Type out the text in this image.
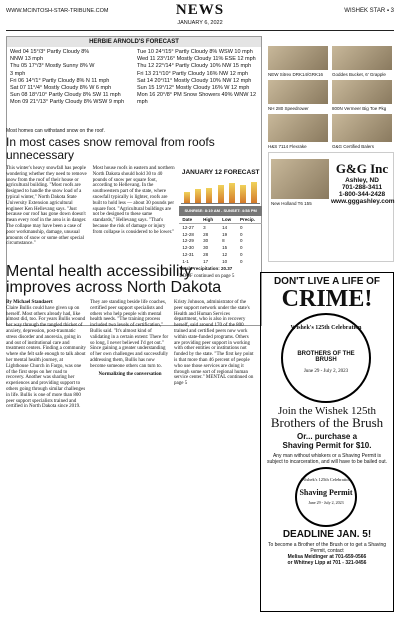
WWW.MCINTOSH-STAR-TRIBUNE.COM	NEWS
JANUARY 6, 2022
WISHEK STAR ▪ 3
HERBIE ARNOLD'S FORECAST
Wed 04 15°/3° Partly Cloudy 8%
NNW 13 mph
Thu 05 17°/3° Mostly Sunny 8% W
3 mph
Fri 06 14°/1° Partly Cloudy 8% N 11 mph
Sat 07 11°/4° Mostly Cloudy 8% W 6 mph
Sun 08 18°/10° Partly Cloudy 8% SW 11 mph
Mon 09 21°/13° Partly Cloudy 8% WSW 9 mph
Tue 10 24°/15° Partly Cloudy 8% WSW 10 mph
Wed 11 23°/16° Mostly Cloudy 11% ESE 12 mph
Thu 12 22°/14° Partly Cloudy 10% NW 15 mph
Fri 13 21°/10° Partly Cloudy 16% NW 12 mph
Sat 14 20°/11° Mostly Cloudy 10% NW 12 mph
Sun 15 19°/12° Mostly Cloudy 16% W 12 mph
Mon 16 20°/8° PM Snow Showers 49% WNW 12
mph
Most homes can withstand snow on the roof.
In most cases snow removal from roofs unnecessary
This winter's heavy snowfall has people wondering whether they need to remove snow from the roof of their house or agricultural building. "Most roofs are designed to handle the snow load of a typical winter," North Dakota State University Extension agricultural engineer Ken Hellevang says. "Just because our roof has gone down doesn't mean every roof in the area is in danger. The collapse may have been a case of poor workmanship, damage, unusual amounts of snow or some other special circumstance."
Most house roofs in eastern and northern North Dakota should hold 30 to 40 pounds of snow per square foot, according to Hellevang. In the southwestern part of the state, where snowfall typically is lighter, roofs are built to hold less — about 30 pounds per square foot. "Agricultural buildings are not be designed to these same standards," Hellevang says. "That's because the risk of damage or injury from collapse is considered to be lower."
JANUARY 12 FORECAST
SUNRISE: 8:19 AM - SUNSET: 4:58 PM
Date	High	Low	Precip.
12-27	3	14	0
12-28	28	19	0
12-29	30	8	0
12-30	30	15	0
12-31	28	12	0
1-1	17	10	0
Total Precipitation: 20.37
ROOF continued on page 5
NEW Sitrex DRK14/GRK16 Goddes Bucket, 6' Grapple
NH 280 Speedrower	800N Vermeer Big Toe Pkg
H&S 7114 Flexrake	G&G Certified Balers
G&G Inc
Ashley, ND
701-288-3411
1-800-344-2428
www.gggashley.com
New Holland T6 155
Mental health accessibility improves across North Dakota
By Michael Standaert
Claire Bullis could have given up on herself. Most others already had, like almost did, too. For years Bullis wound her way through the tangled thicket of anxiety, depression, post-traumatic stress disorder and anorexia, going in and out of institutional care and treatment centers. Finding a community where she felt safe enough to talk about her mental health journey, at Lighthouse Church in Fargo, was one of the first steps on her road to recovery. Another was sharing her experiences and providing support to others going through similar challenges in life. Bullis is one of more than 800 peer support specialists trained and certified in North Dakota since 2019.
They are standing beside life coaches, certified peer support specialists and others who help people with mental health needs. "The training process included two levels of certification," Bullis said. "It's almost kind of validating in a certain extent: There for so long, I never believed I'd get out." Since gaining a greater understanding of her own challenges and successfully addressing them, Bullis has now become someone others can turn to.
Normalizing the conversation
Kristy Johnson, administrator of the peer support network under the state's Health and Human Services department, who is also in recovery herself, said around 170 of the 800 trained and certified peers now work within state-funded programs. Others are providing peer support in working with other entities or institutions not funded by the state. "The first key point is that more than 46 percent of people who use those services are doing it through some sort of regional human service center." MENTAL continued on page 5
DON'T LIVE A LIFE OF
CRIME!
Wishek's 125th Celebration
BROTHERS OF THE BRUSH
June 29 - July 2, 2023
Join the Wishek 125th
Brothers of the Brush
Or... purchase a
Shaving Permit for $10.
Any man without whiskers or a Shaving Permit is subject to incarceration, and will have to be bailed out.
Wishek's 125th Celebration
Shaving Permit
June 29 - July 2, 2023
DEADLINE JAN. 5!
To become a Brother of the Brush or to get a Shaving Permit, contact
Melisa Meidinger at 701-659-0566
or Whitney Lipp at 701 - 321-0456
